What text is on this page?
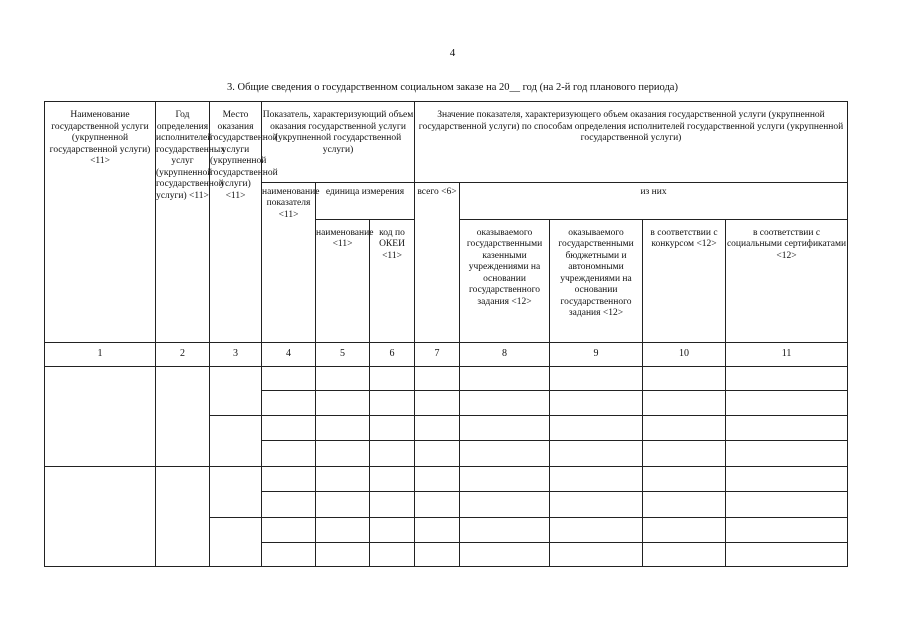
4
3. Общие сведения о государственном социальном заказе на 20__ год (на 2-й год планового периода)
Наименование государственной услуги (укрупненной государственной услуги) <11>	Год определения исполнителей государственных услуг (укрупненной государственной услуги) <11>	Место оказания государственной услуги (укрупненной государственной услуги) <11>	Показатель, характеризующий объем оказания государственной услуги (укрупненной государственной услуги)			Значение показателя, характеризующего объем оказания государственной услуги (укрупненной государственной услуги) по способам определения исполнителей государственной услуги (укрупненной государственной услуги)				
			наименование показателя <11>	единица измерения		всего <6>	из них			
				наименование <11>	код по ОКЕИ <11>		оказываемого государственными казенными учреждениями на основании государственного задания <12>	оказываемого государственными бюджетными и автономными учреждениями на основании государственного задания <12>	в соответствии с конкурсом <12>	в соответствии с социальными сертификатами <12>
1	2	3	4	5	6	7	8	9	10	11
